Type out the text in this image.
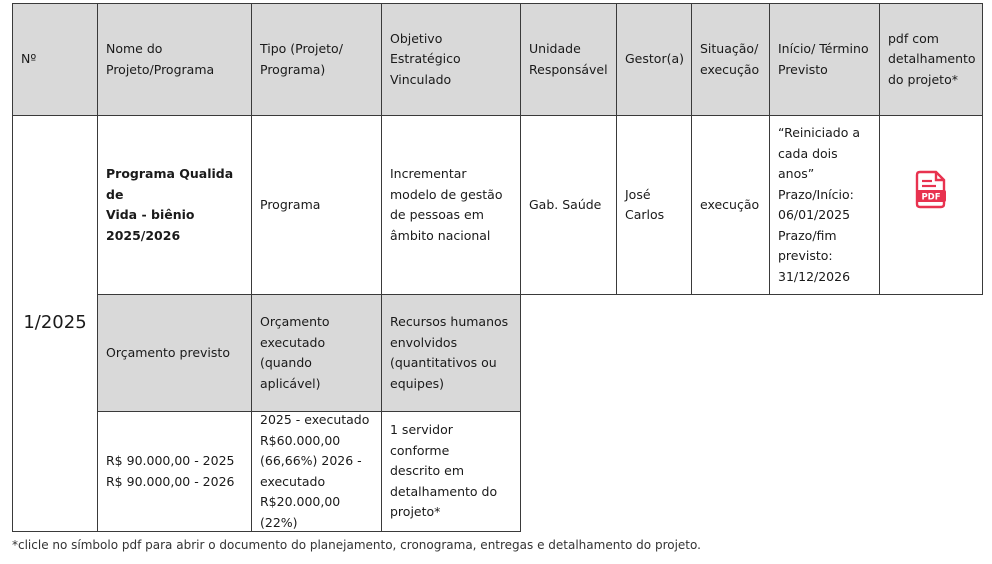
Nº
Nome do
Projeto/Programa
Tipo (Projeto/
Programa)
Objetivo Estratégico
Vinculado
Unidade
Responsável
Gestor(a)
Situação/
execução
Início/ Término
Previsto
pdf com
detalhamento
do projeto*
1/2025
Programa Qualida de
Vida - biênio
2025/2026
Programa
Incrementar
modelo de gestão
de pessoas em
âmbito nacional
Gab. Saúde
José
Carlos
execução
“Reiniciado a
cada dois
anos”
Prazo/Início:
06/01/2025
Prazo/fim
previsto:
31/12/2026
PDF
Orçamento previsto
Orçamento
executado
(quando aplicável)
Recursos humanos
envolvidos
(quantitativos ou
equipes)
R$ 90.000,00 - 2025
R$ 90.000,00 - 2026
2025 - executado
R$60.000,00
(66,66%) 2026 -
executado
R$20.000,00 (22%)
1 servidor conforme
descrito em
detalhamento do
projeto*
*clicle no símbolo pdf para abrir o documento do planejamento, cronograma, entregas e detalhamento do projeto.
